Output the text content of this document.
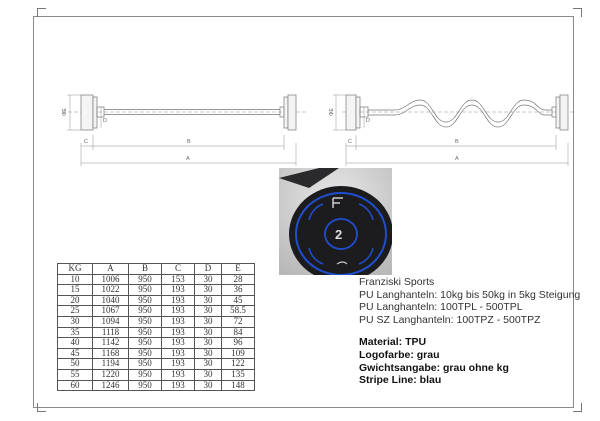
C	B
A
ΦE
D
C	B
A
ΦE
D
2
KG	A	B	C	D	E
10	1006	950	153	30	28
15	1022	950	193	30	36
20	1040	950	193	30	45
25	1067	950	193	30	58.5
30	1094	950	193	30	72
35	1118	950	193	30	84
40	1142	950	193	30	96
45	1168	950	193	30	109
50	1194	950	193	30	122
55	1220	950	193	30	135
60	1246	950	193	30	148
Franziski Sports
PU Langhanteln: 10kg bis 50kg in 5kg Steigung
PU Langhanteln: 100TPL - 500TPL
PU SZ Langhanteln: 100TPZ - 500TPZ
Material: TPU
Logofarbe: grau
Gwichtsangabe: grau ohne kg
Stripe Line: blau
